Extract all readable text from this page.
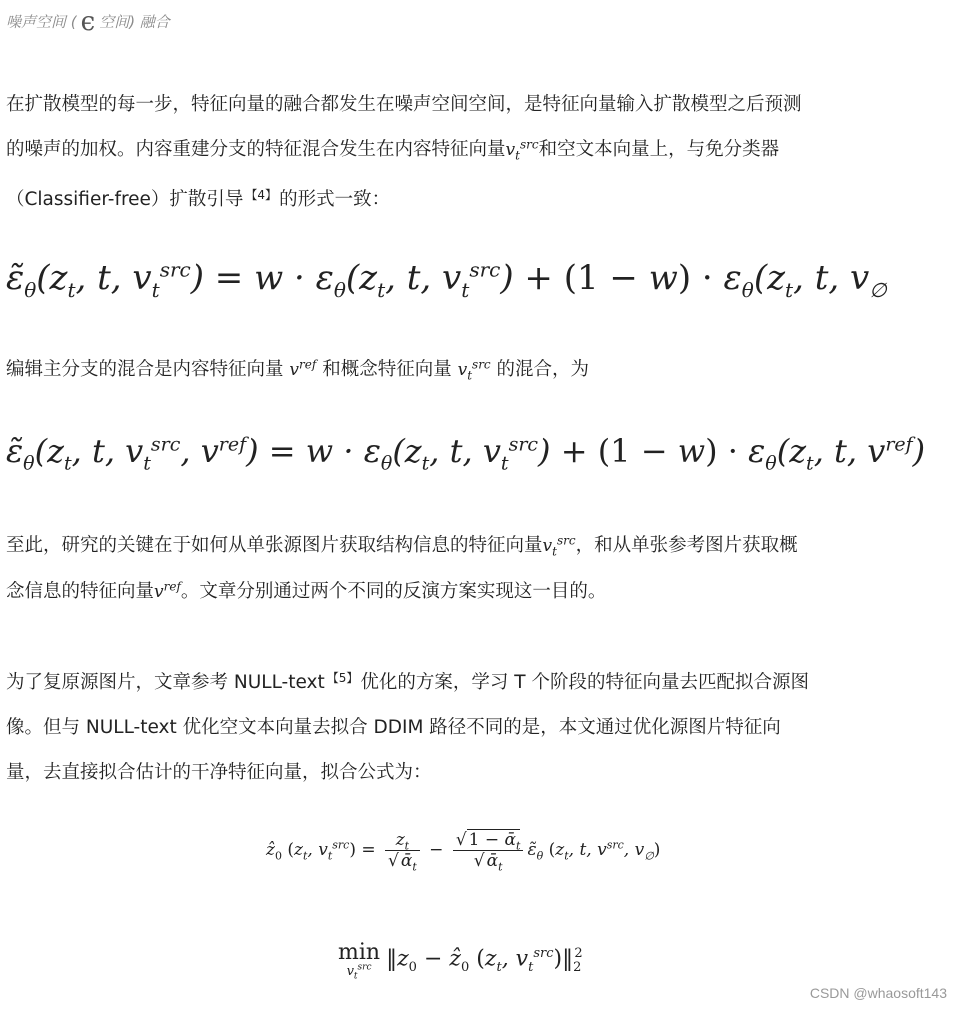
噪声空间 ( ϵ 空间) 融合
在扩散模型的每一步，特征向量的融合都发生在噪声空间空间，是特征向量输入扩散模型之后预测
的噪声的加权。内容重建分支的特征混合发生在内容特征向量$v_t^{src}$和空文本向量上，与免分类器
（Classifier-free）扩散引导 $^{【4】}$ 的形式一致：
$\varepsiloñ_\theta(z_t$, t, $v_t^{src}) = w \cdot \varepsilon_\theta(z_t$, t, $v_t^{src}) + (1 - w) \cdot \varepsilon_\theta(z_t$, t, $v_\emptyset$
编辑主分支的混合是内容特征向量 $v^{ref}$ 和概念特征向量 $v_t^{src}$ 的混合，为
$\varepsiloñ_\theta(z_t$, t, $v_t^{src}$, $v^{ref}) = w \cdot \varepsilon_\theta(z_t$, t, $v_t^{src}) + (1 - w) \cdot \varepsilon_\theta(z_t$, t, $v^{ref}$)
至此，研究的关键在于如何从单张源图片获取结构信息的特征向量$v_t^{src}$，和从单张参考图片获取概
念信息的特征向量$v^{ref}$。文章分别通过两个不同的反演方案实现这一目的。
为了复原源图片，文章参考 NULL-text $^{【5】}$ 优化的方案，学习 T 个阶段的特征向量去匹配拟合源图
像。但与 NULL-text 优化空文本向量去拟合 DDIM 路径不同的是，本文通过优化源图片特征向
量，去直接拟合估计的干净特征向量，拟合公式为：
ẑ$_0$ ($z_t$, $v_t^{src}) = \frac{z_t}{√ ᾱ_t} - \frac{√ 1 - ᾱ_t}{√ ᾱ_t}$ $\varepsiloñ_\theta$ ($z_t$, t, $v^{src}$, $v_\emptyset$)
min
$v_t^{src}$ $‖z_0$ − ẑ$_0$ ($z_t$, $v_t^{src})‖_2^2$
CSDN @whaosoft143
